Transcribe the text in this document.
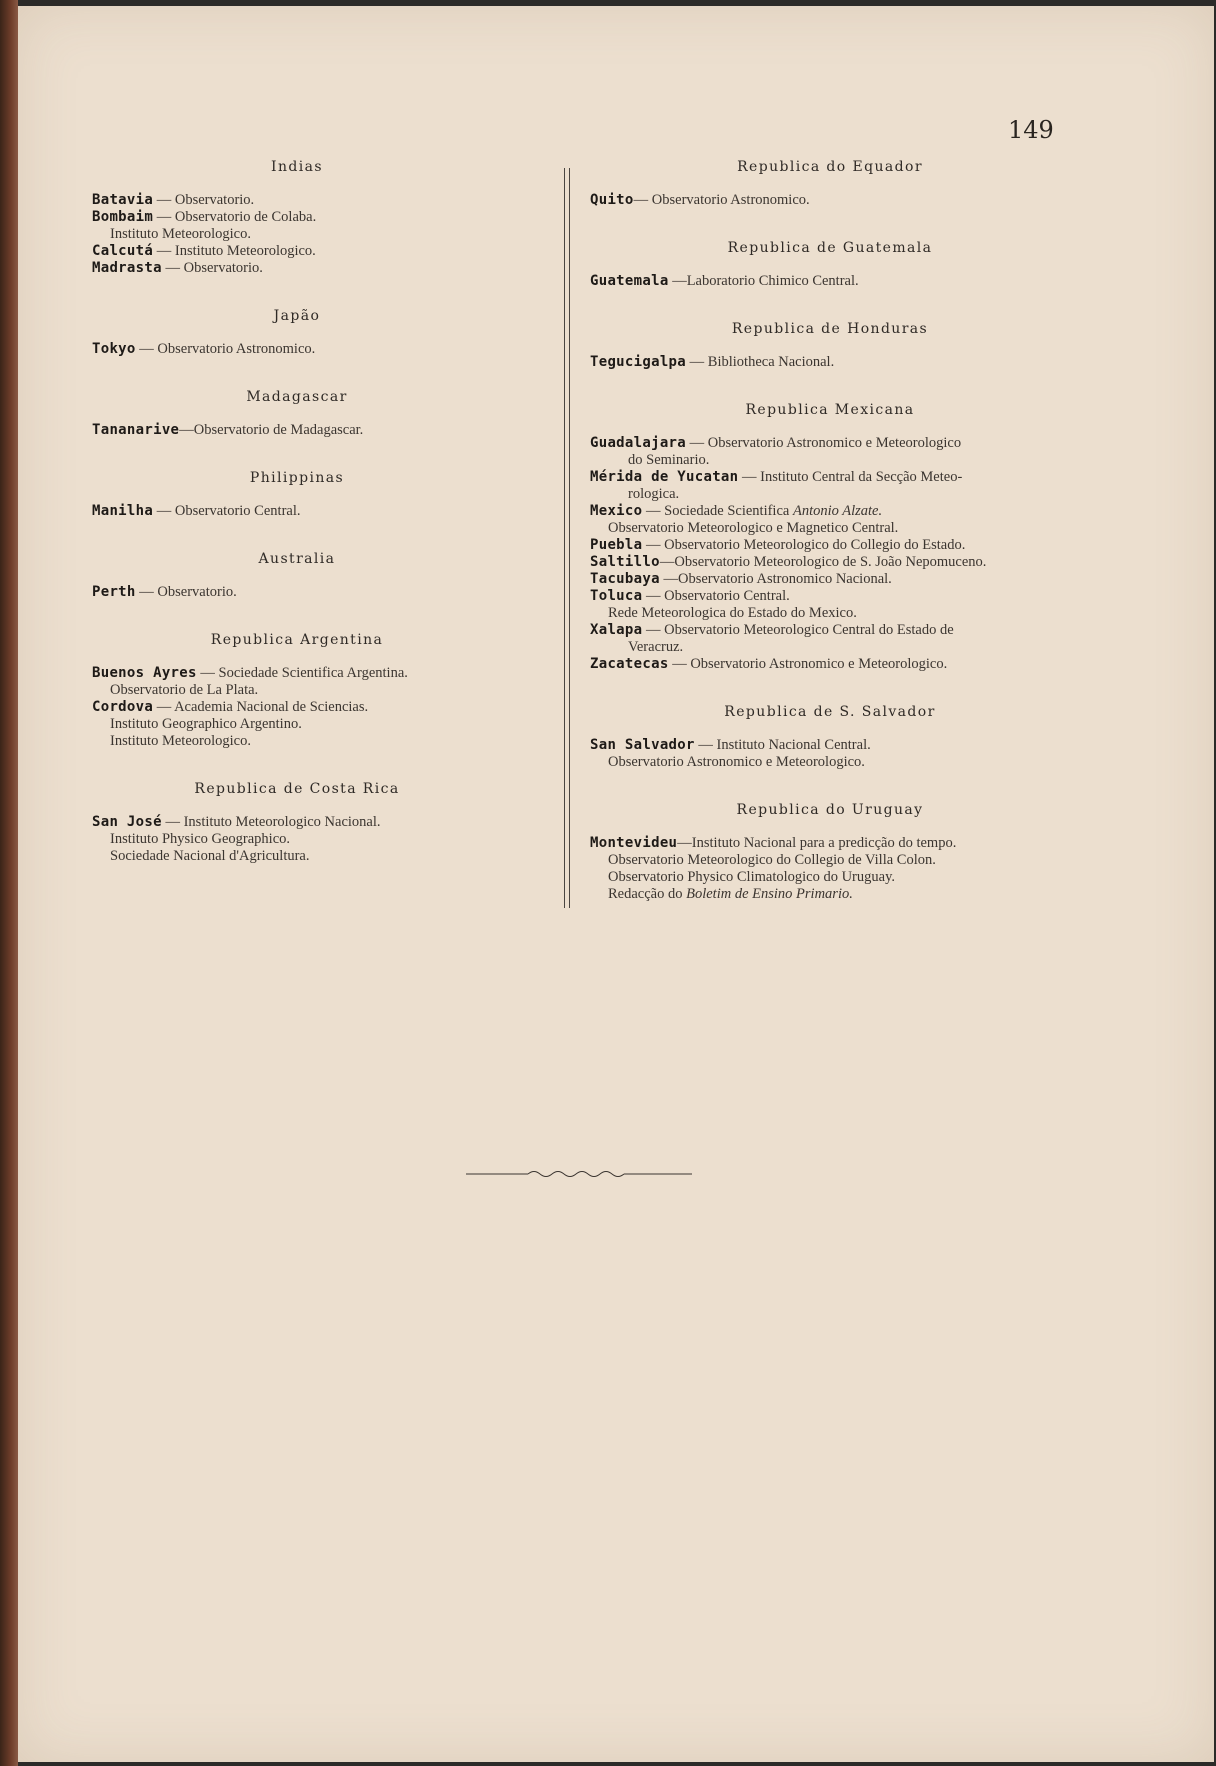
149
Indias
Batavia — Observatorio.
Bombaim — Observatorio de Colaba.
Instituto Meteorologico.
Calcutá — Instituto Meteorologico.
Madrasta — Observatorio.
Japão
Tokyo — Observatorio Astronomico.
Madagascar
Tananarive—Observatorio de Madagascar.
Philippinas
Manilha — Observatorio Central.
Australia
Perth — Observatorio.
Republica Argentina
Buenos Ayres — Sociedade Scientifica Argentina.
Observatorio de La Plata.
Cordova — Academia Nacional de Sciencias.
Instituto Geographico Argentino.
Instituto Meteorologico.
Republica de Costa Rica
San José — Instituto Meteorologico Nacional.
Instituto Physico Geographico.
Sociedade Nacional d'Agricultura.
Republica do Equador
Quito— Observatorio Astronomico.
Republica de Guatemala
Guatemala —Laboratorio Chimico Central.
Republica de Honduras
Tegucigalpa — Bibliotheca Nacional.
Republica Mexicana
Guadalajara — Observatorio Astronomico e Meteorologico
do Seminario.
Mérida de Yucatan — Instituto Central da Secção Meteo-
rologica.
Mexico — Sociedade Scientifica Antonio Alzate.
Observatorio Meteorologico e Magnetico Central.
Puebla — Observatorio Meteorologico do Collegio do Estado.
Saltillo—Observatorio Meteorologico de S. João Nepomuceno.
Tacubaya —Observatorio Astronomico Nacional.
Toluca — Observatorio Central.
Rede Meteorologica do Estado do Mexico.
Xalapa — Observatorio Meteorologico Central do Estado de
Veracruz.
Zacatecas — Observatorio Astronomico e Meteorologico.
Republica de S. Salvador
San Salvador — Instituto Nacional Central.
Observatorio Astronomico e Meteorologico.
Republica do Uruguay
Montevideu—Instituto Nacional para a predicção do tempo.
Observatorio Meteorologico do Collegio de Villa Colon.
Observatorio Physico Climatologico do Uruguay.
Redacção do Boletim de Ensino Primario.
